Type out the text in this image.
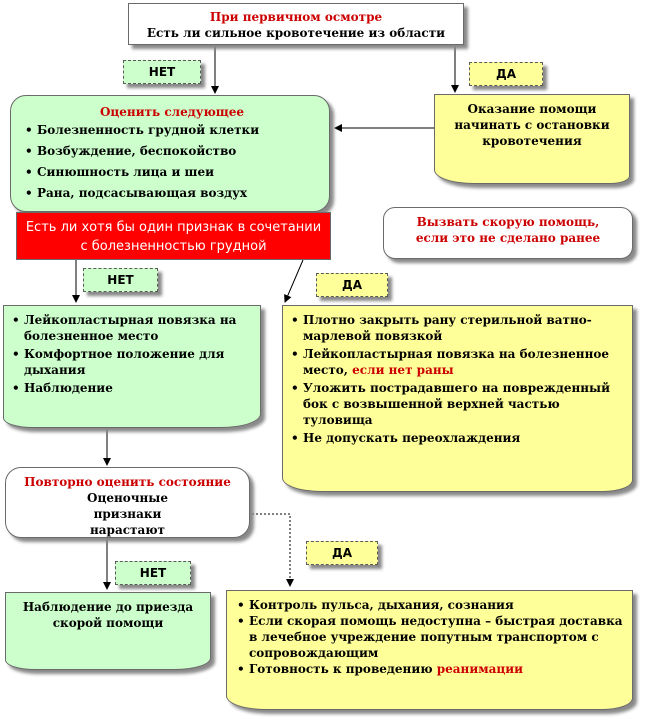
При первичном осмотре
Есть ли сильное кровотечение из области
НЕТ	ДА
Оказание помощи начинать с остановки кровотечения
Оценить следующее
• Болезненность грудной клетки
• Возбуждение, беспокойство
• Синюшность лица и шеи
• Рана, подсасывающая воздух
Есть ли хотя бы один признак в сочетании с болезненностью грудной
Вызвать скорую помощь, если это не сделано ранее
НЕТ	ДА
• Лейкопластырная повязка на болезненное место
• Комфортное положение для дыхания
• Наблюдение
• Плотно закрыть рану стерильной ватно-марлевой повязкой
• Лейкопластырная повязка на болезненное место, если нет раны
• Уложить пострадавшего на поврежденный бок с возвышенной верхней частью туловища
• Не допускать переохлаждения
Повторно оценить состояние
Оценочные признаки нарастают
ДА
НЕТ
Наблюдение до приезда скорой помощи
• Контроль пульса, дыхания, сознания
• Если скорая помощь недоступна – быстрая доставка в лечебное учреждение попутным транспортом с сопровождающим
• Готовность к проведению реанимации
